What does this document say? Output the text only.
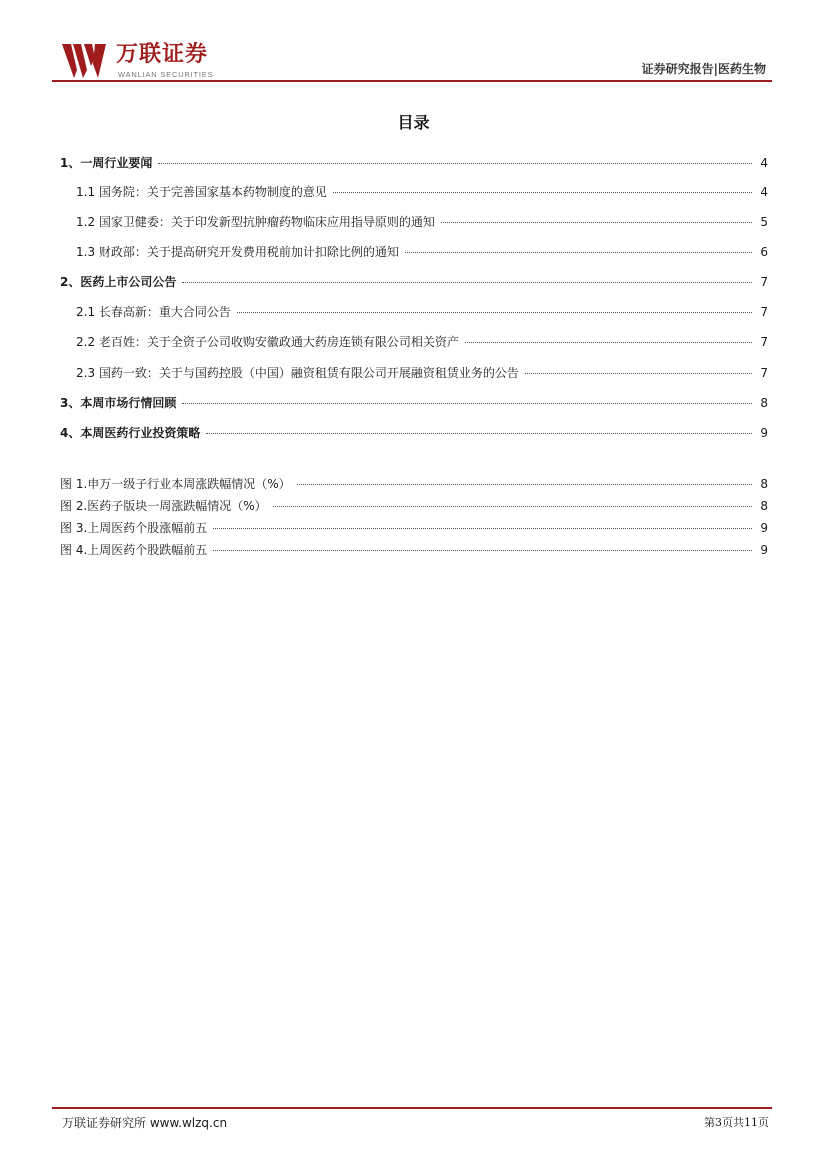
万联证券
WANLIAN SECURITIES	证券研究报告|医药生物
目录
1、一周行业要闻	4
1.1 国务院：关于完善国家基本药物制度的意见	4
1.2 国家卫健委：关于印发新型抗肿瘤药物临床应用指导原则的通知	5
1.3 财政部：关于提高研究开发费用税前加计扣除比例的通知	6
2、医药上市公司公告	7
2.1 长春高新：重大合同公告	7
2.2 老百姓：关于全资子公司收购安徽政通大药房连锁有限公司相关资产	7
2.3 国药一致：关于与国药控股（中国）融资租赁有限公司开展融资租赁业务的公告	7
3、本周市场行情回顾	8
4、本周医药行业投资策略	9
图 1.申万一级子行业本周涨跌幅情况（%）	8
图 2.医药子版块一周涨跌幅情况（%）	8
图 3.上周医药个股涨幅前五	9
图 4.上周医药个股跌幅前五	9
万联证券研究所 www.wlzq.cn	第3页共11页
